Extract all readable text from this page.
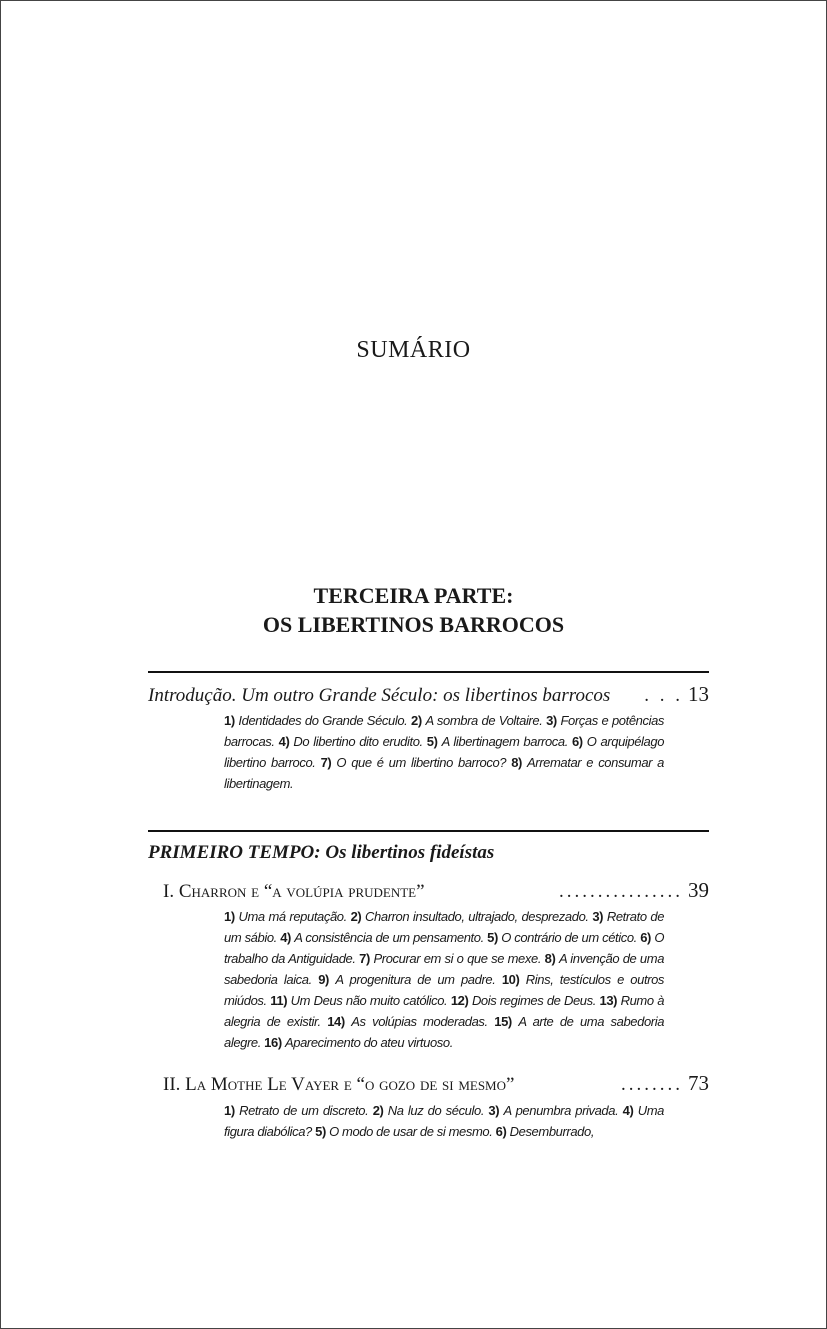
SUMÁRIO
TERCEIRA PARTE:
OS LIBERTINOS BARROCOS
Introdução. Um outro Grande Século: os libertinos barrocos	. . . 13

1) Identidades do Grande Século. 2) A sombra de Voltaire. 3) Forças e potências barrocas. 4) Do libertino dito erudito. 5) A libertinagem barroca. 6) O arquipélago libertino barroco. 7) O que é um libertino barroco? 8) Arrematar e consumar a libertinagem.

PRIMEIRO TEMPO: Os libertinos fideístas
I. Charron e “a volúpia prudente”	................ 39

1) Uma má reputação. 2) Charron insultado, ultrajado, desprezado. 3) Retrato de um sábio. 4) A consistência de um pensamento. 5) O contrário de um cético. 6) O trabalho da Antiguidade. 7) Procurar em si o que se mexe. 8) A invenção de uma sabedoria laica. 9) A progenitura de um padre. 10) Rins, testículos e outros miúdos. 11) Um Deus não muito católico. 12) Dois regimes de Deus. 13) Rumo à alegria de existir. 14) As volúpias moderadas. 15) A arte de uma sabedoria alegre. 16) Aparecimento do ateu virtuoso.

II. La Mothe Le Vayer e “o gozo de si mesmo”	........ 73

1) Retrato de um discreto. 2) Na luz do século. 3) A penumbra privada. 4) Uma figura diabólica? 5) O modo de usar de si mesmo. 6) Desemburrado,
